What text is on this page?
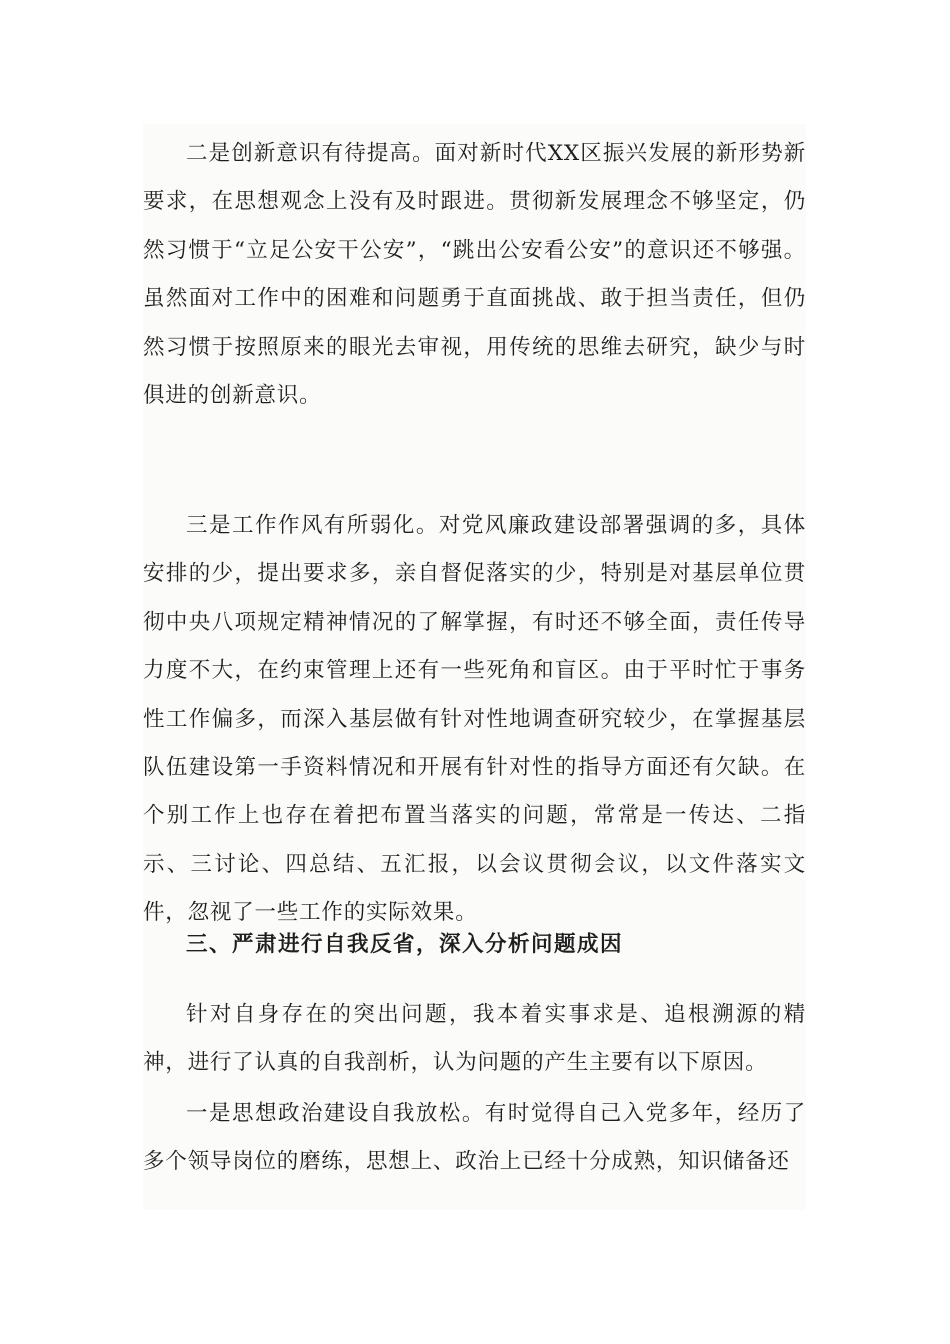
二是创新意识有待提高。面对新时代XX区振兴发展的新形势新要求，在思想观念上没有及时跟进。贯彻新发展理念不够坚定，仍然习惯于“立足公安干公安”，“跳出公安看公安”的意识还不够强。虽然面对工作中的困难和问题勇于直面挑战、敢于担当责任，但仍然习惯于按照原来的眼光去审视，用传统的思维去研究，缺少与时俱进的创新意识。

三是工作作风有所弱化。对党风廉政建设部署强调的多，具体安排的少，提出要求多，亲自督促落实的少，特别是对基层单位贯彻中央八项规定精神情况的了解掌握，有时还不够全面，责任传导力度不大，在约束管理上还有一些死角和盲区。由于平时忙于事务性工作偏多，而深入基层做有针对性地调查研究较少，在掌握基层队伍建设第一手资料情况和开展有针对性的指导方面还有欠缺。在个别工作上也存在着把布置当落实的问题，常常是一传达、二指示、三讨论、四总结、五汇报，以会议贯彻会议，以文件落实文件，忽视了一些工作的实际效果。

三、严肃进行自我反省，深入分析问题成因

针对自身存在的突出问题，我本着实事求是、追根溯源的精神，进行了认真的自我剖析，认为问题的产生主要有以下原因。

一是思想政治建设自我放松。有时觉得自己入党多年，经历了多个领导岗位的磨练，思想上、政治上已经十分成熟，知识储备还
